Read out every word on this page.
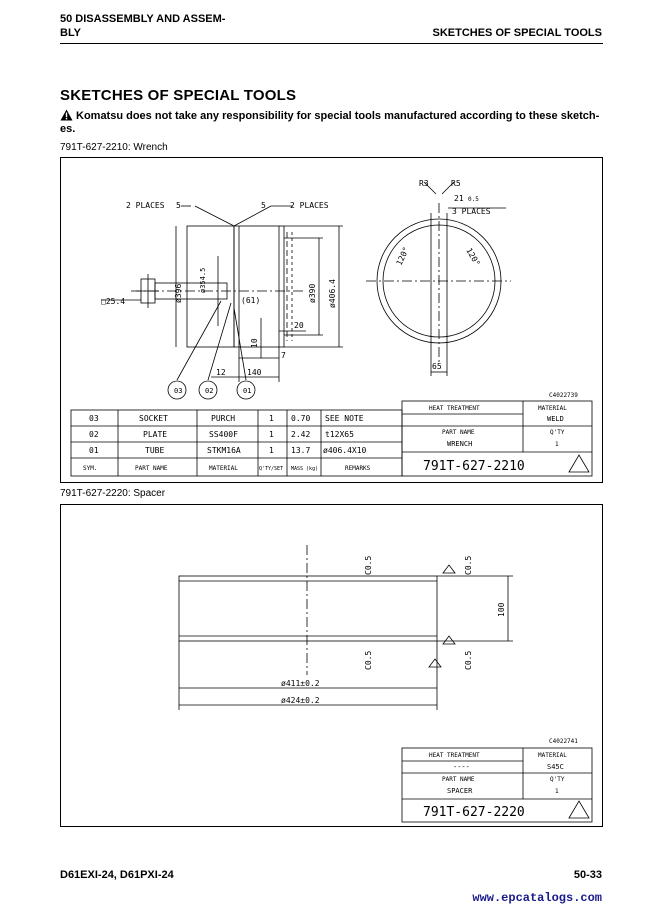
50 DISASSEMBLY AND ASSEM-
BLY	SKETCHES OF SPECIAL TOOLS
SKETCHES OF SPECIAL TOOLS
Komatsu does not take any responsibility for special tools manufactured according to these sketch-es.
791T-627-2210: Wrench
2 PLACES 5	5	2 PLACES
3 PLACES
R3	R5
21 0.5
□25.4	(61)
20
7
12	140
65
C4022739
03	02	01
ø396
ø354.5
ø390 ø406.4
10
120°	120°
03	SOCKET	PURCH	1 0.70 SEE NOTE
02	PLATE	SS400F	1 2.42 t12X65
01	TUBE	STKM16A	1 13.7 ø406.4X10
SYM.	PART NAME	MATERIAL	Q'TY/SET MASS (kg)	REMARKS
HEAT TREATMENT	MATERIAL
WELD
PART NAME
WRENCH
Q'TY
1
791T-627-2210
791T-627-2220: Spacer
C0.5	C0.5
C0.5	C0.5
100
ø411±0.2
ø424±0.2
C4022741
HEAT TREATMENT
----
MATERIAL
S45C
PART NAME
SPACER
Q'TY
1
791T-627-2220
D61EXI-24, D61PXI-24	50-33
www.epcatalogs.com
